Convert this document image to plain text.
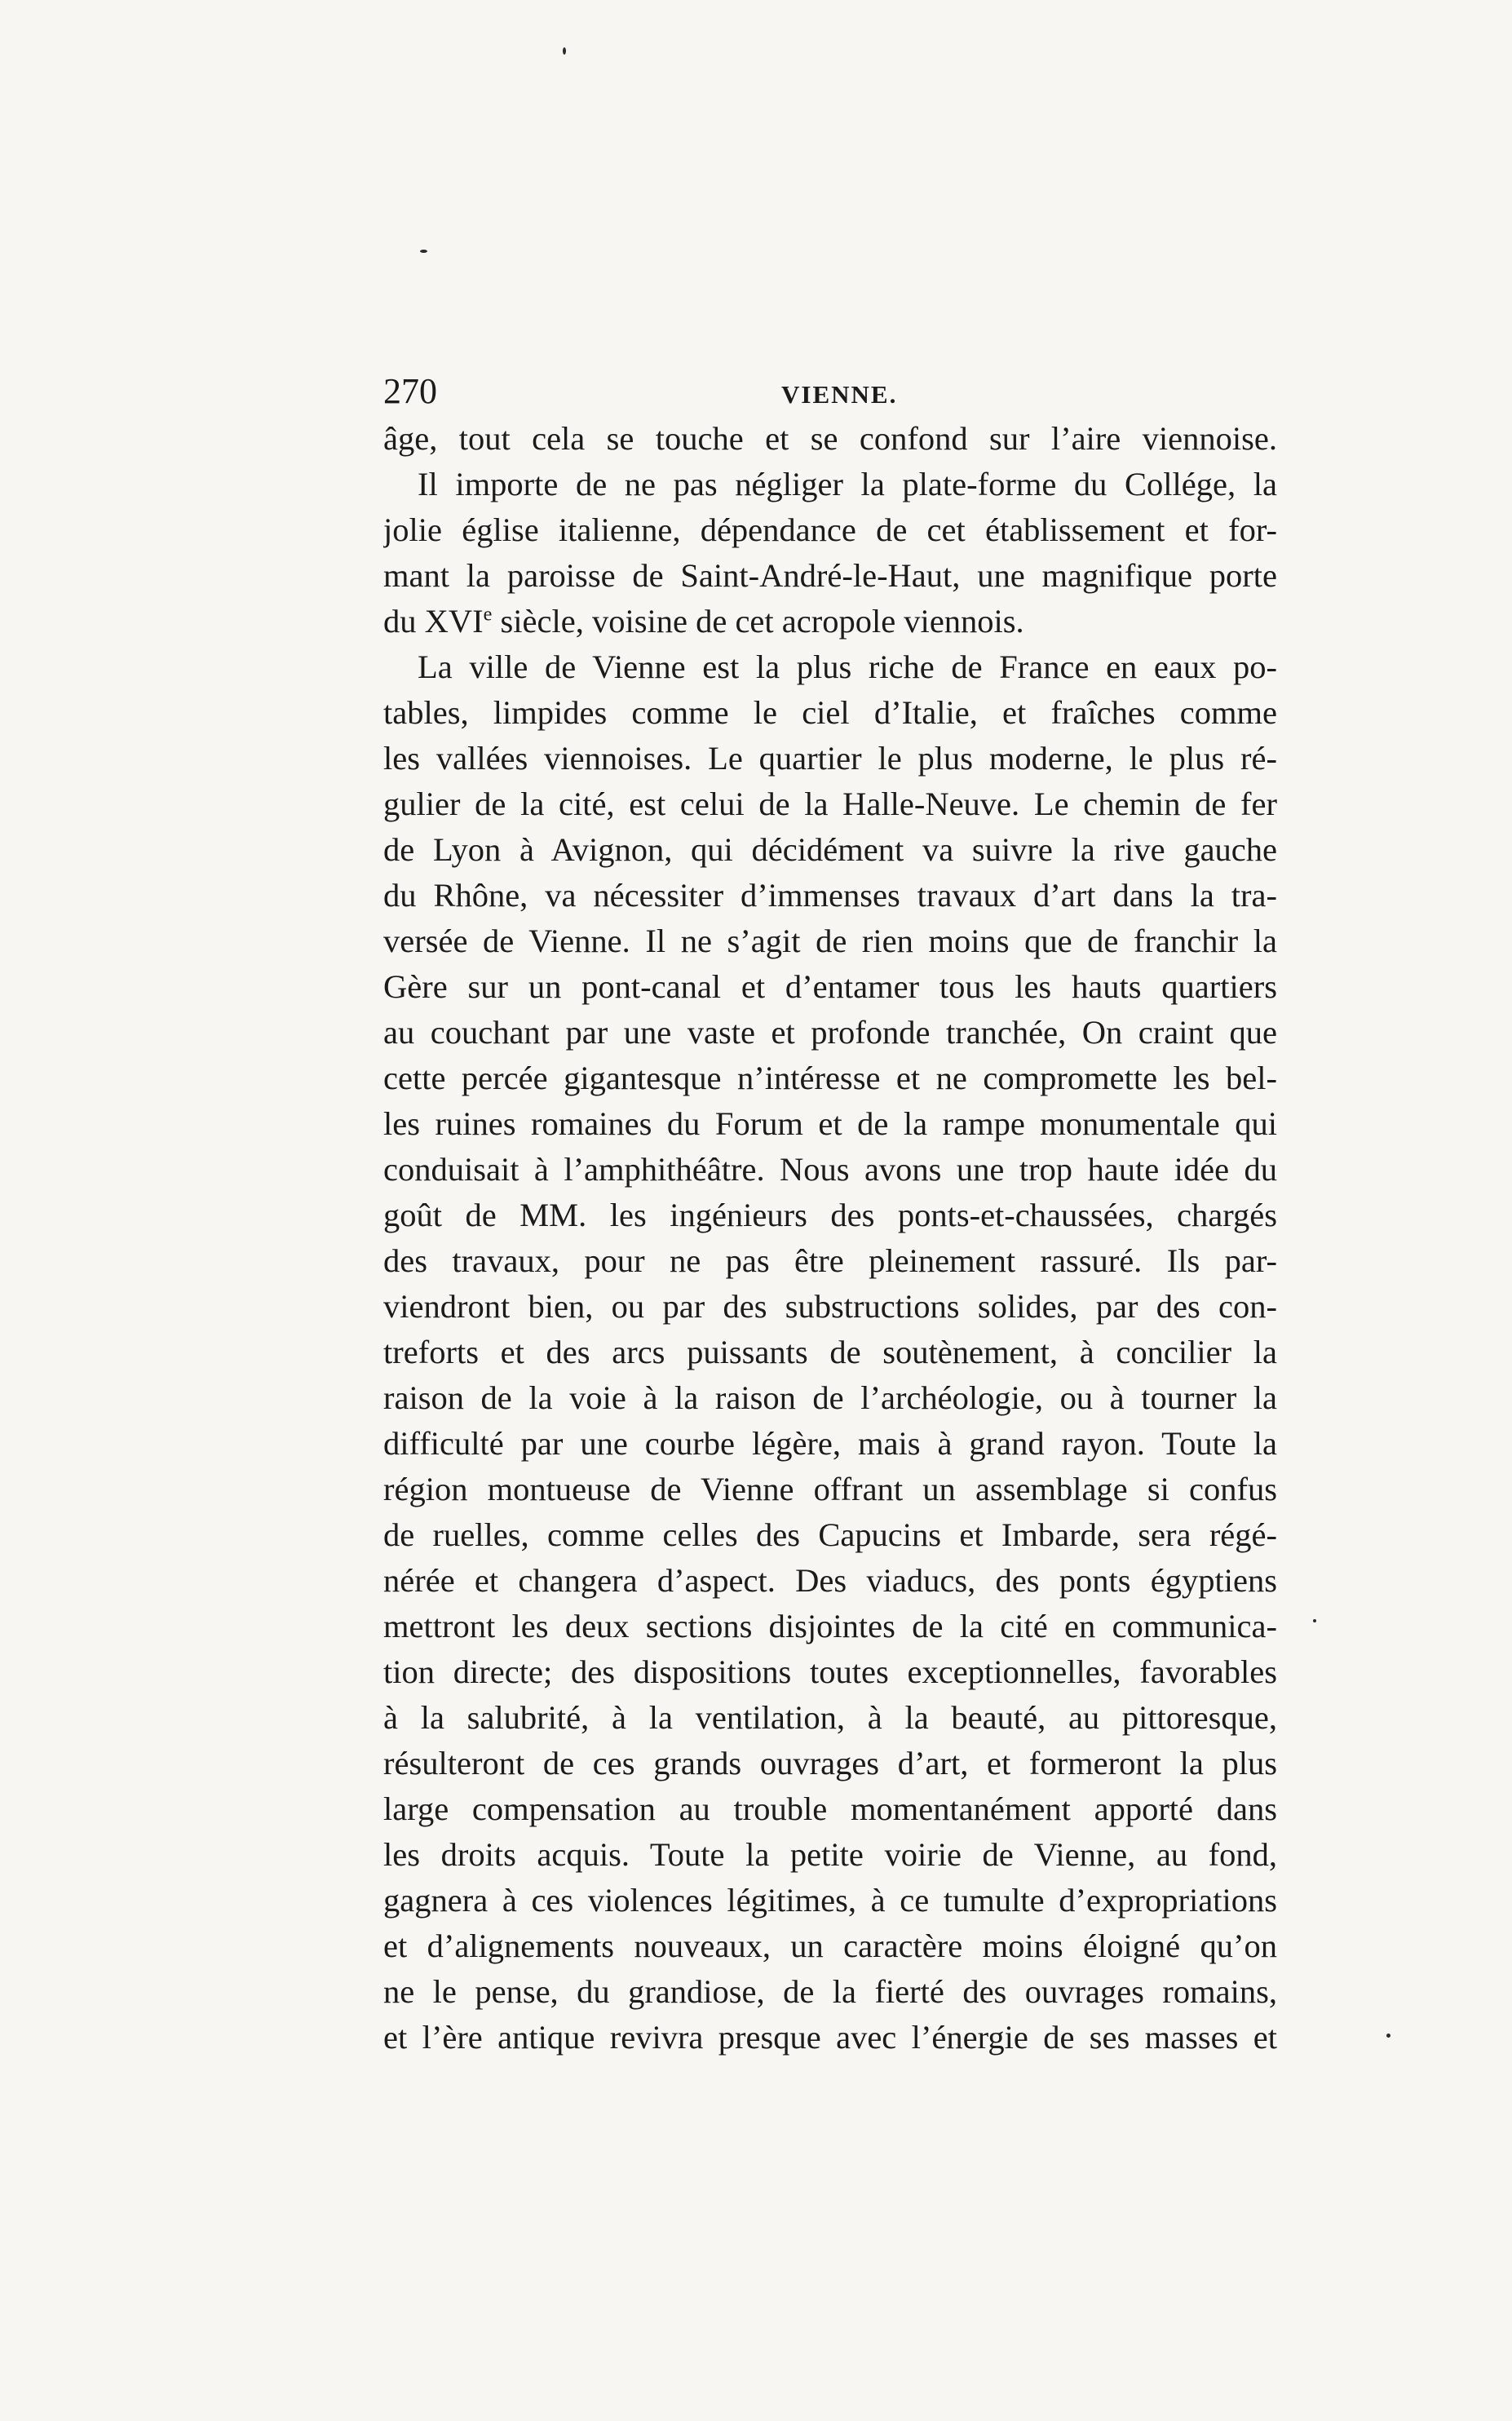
270	VIENNE.
âge, tout cela se touche et se confond sur l’aire viennoise.
Il importe de ne pas négliger la plate-forme du Collége, la
jolie église italienne, dépendance de cet établissement et for-
mant la paroisse de Saint-André-le-Haut, une magnifique porte
du XVIe siècle, voisine de cet acropole viennois.
La ville de Vienne est la plus riche de France en eaux po-
tables, limpides comme le ciel d’Italie, et fraîches comme
les vallées viennoises. Le quartier le plus moderne, le plus ré-
gulier de la cité, est celui de la Halle-Neuve. Le chemin de fer
de Lyon à Avignon, qui décidément va suivre la rive gauche
du Rhône, va nécessiter d’immenses travaux d’art dans la tra-
versée de Vienne. Il ne s’agit de rien moins que de franchir la
Gère sur un pont-canal et d’entamer tous les hauts quartiers
au couchant par une vaste et profonde tranchée, On craint que
cette percée gigantesque n’intéresse et ne compromette les bel-
les ruines romaines du Forum et de la rampe monumentale qui
conduisait à l’amphithéâtre. Nous avons une trop haute idée du
goût de MM. les ingénieurs des ponts-et-chaussées, chargés
des travaux, pour ne pas être pleinement rassuré. Ils par-
viendront bien, ou par des substructions solides, par des con-
treforts et des arcs puissants de soutènement, à concilier la
raison de la voie à la raison de l’archéologie, ou à tourner la
difficulté par une courbe légère, mais à grand rayon. Toute la
région montueuse de Vienne offrant un assemblage si confus
de ruelles, comme celles des Capucins et Imbarde, sera régé-
nérée et changera d’aspect. Des viaducs, des ponts égyptiens
mettront les deux sections disjointes de la cité en communica-
tion directe; des dispositions toutes exceptionnelles, favorables
à la salubrité, à la ventilation, à la beauté, au pittoresque,
résulteront de ces grands ouvrages d’art, et formeront la plus
large compensation au trouble momentanément apporté dans
les droits acquis. Toute la petite voirie de Vienne, au fond,
gagnera à ces violences légitimes, à ce tumulte d’expropriations
et d’alignements nouveaux, un caractère moins éloigné qu’on
ne le pense, du grandiose, de la fierté des ouvrages romains,
et l’ère antique revivra presque avec l’énergie de ses masses et
